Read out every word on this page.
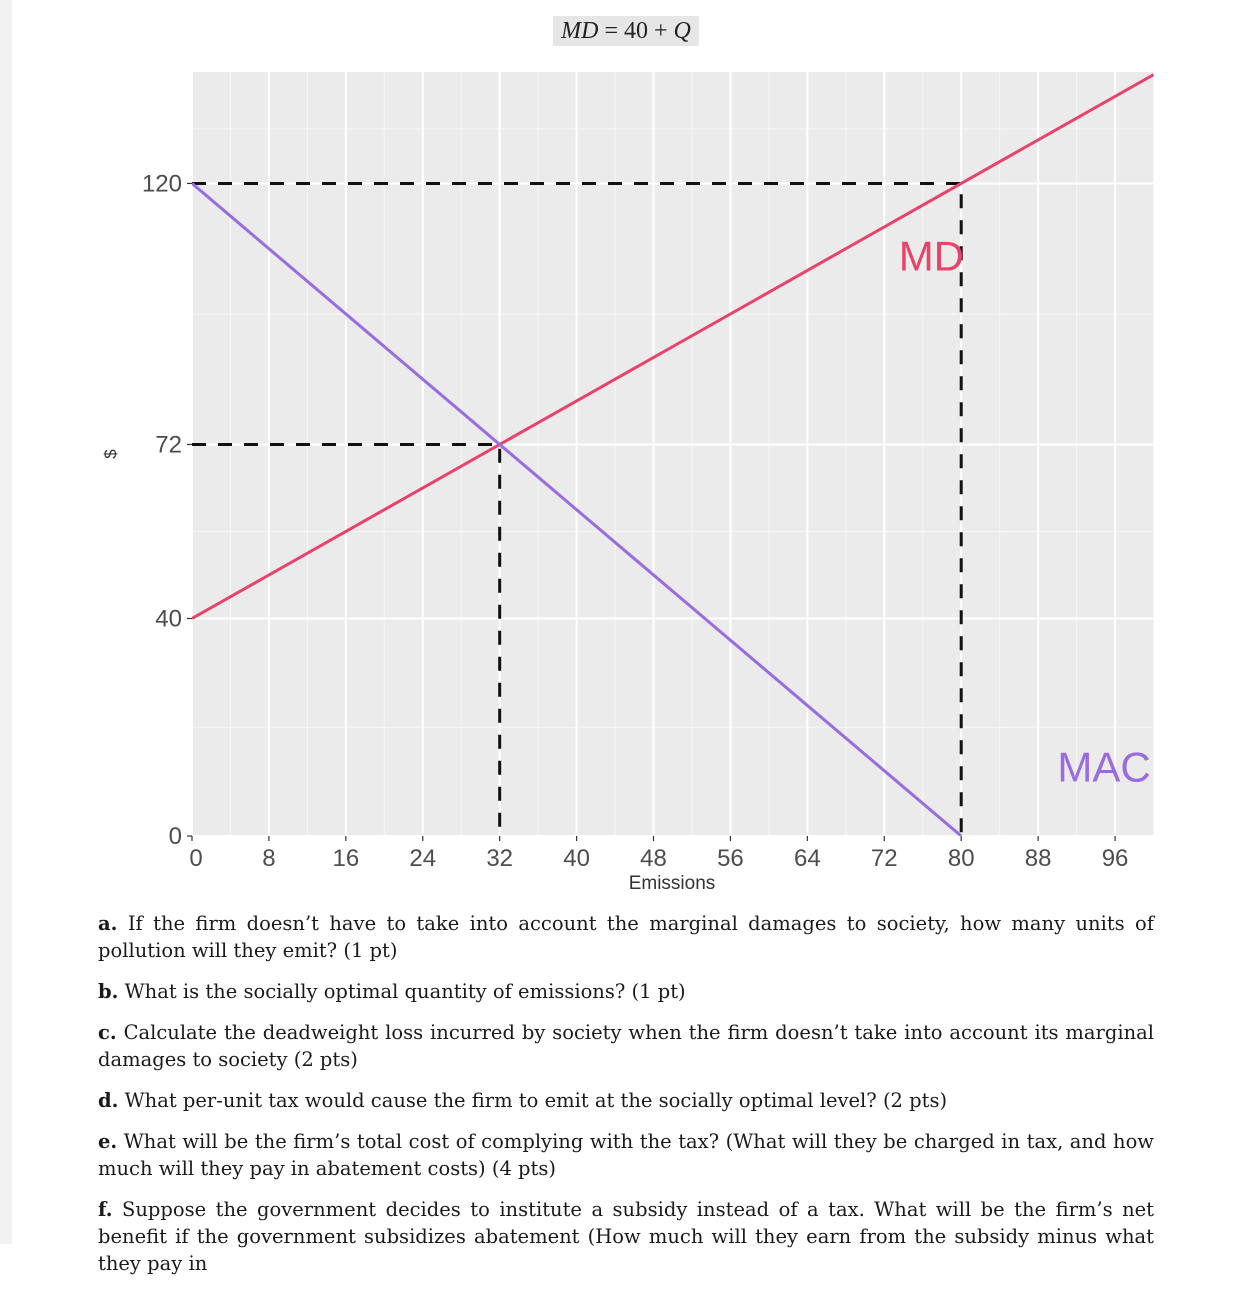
MD = 40 + Q
0 8 16 24 32 40 48 56 64 72 80 88 96
0
40
72
120
Emissions
$
MD
MAC

a. If the firm doesn’t have to take into account the marginal damages to society, how many units of pollution will they emit? (1 pt)

b. What is the socially optimal quantity of emissions? (1 pt)

c. Calculate the deadweight loss incurred by society when the firm doesn’t take into account its marginal damages to society (2 pts)

d. What per-unit tax would cause the firm to emit at the socially optimal level? (2 pts)

e. What will be the firm’s total cost of complying with the tax? (What will they be charged in tax, and how much will they pay in abatement costs) (4 pts)

f. Suppose the government decides to institute a subsidy instead of a tax. What will be the firm’s net benefit if the government subsidizes abatement (How much will they earn from the subsidy minus what they pay in
